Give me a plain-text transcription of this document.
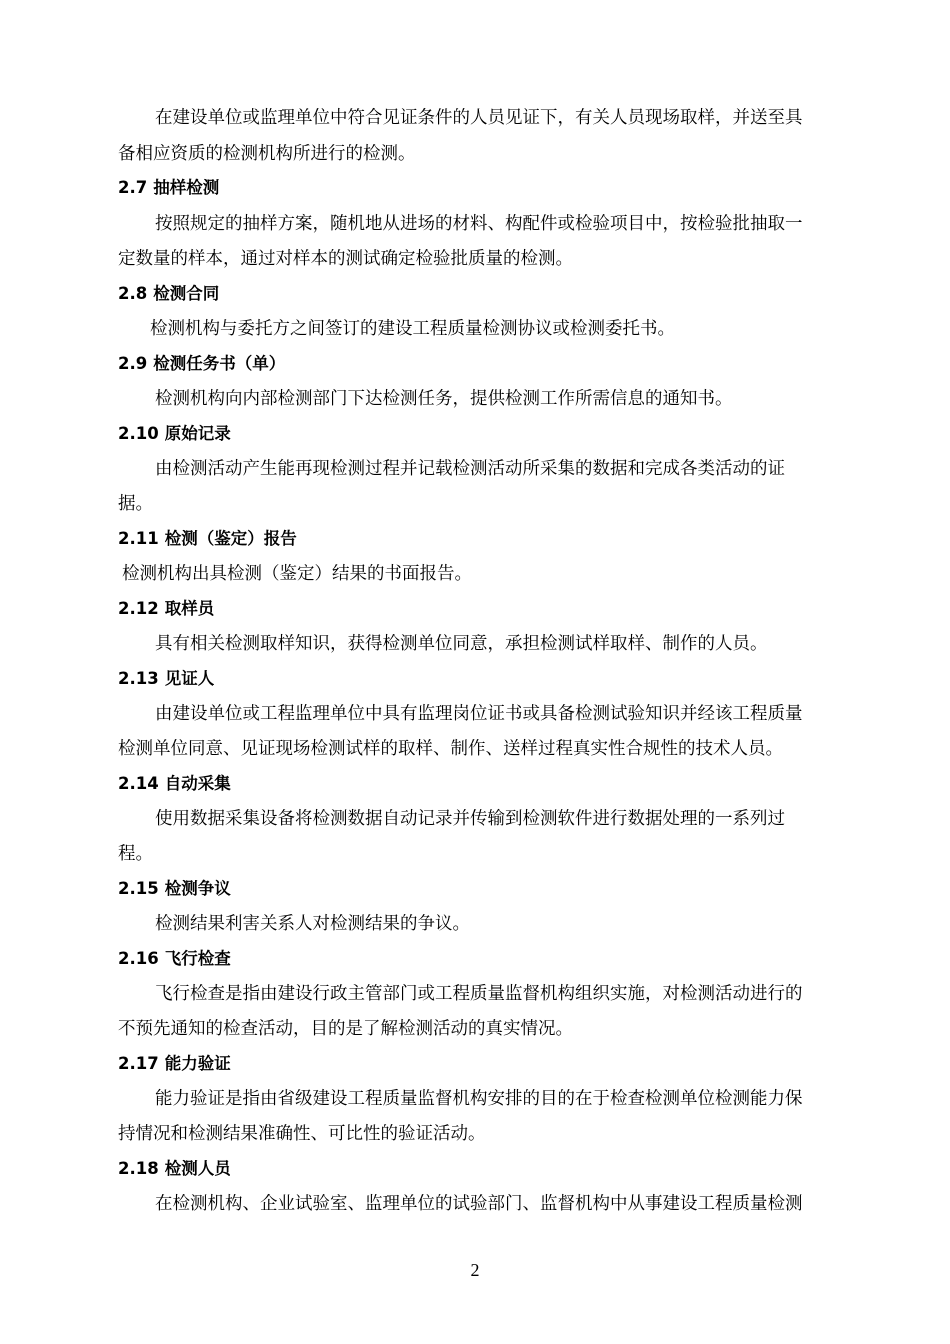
在建设单位或监理单位中符合见证条件的人员见证下，有关人员现场取样，并送至具
备相应资质的检测机构所进行的检测。
2.7 抽样检测
按照规定的抽样方案，随机地从进场的材料、构配件或检验项目中，按检验批抽取一
定数量的样本，通过对样本的测试确定检验批质量的检测。
2.8 检测合同
检测机构与委托方之间签订的建设工程质量检测协议或检测委托书。
2.9 检测任务书（单）
检测机构向内部检测部门下达检测任务，提供检测工作所需信息的通知书。
2.10 原始记录
由检测活动产生能再现检测过程并记载检测活动所采集的数据和完成各类活动的证
据。
2.11 检测（鉴定）报告
检测机构出具检测（鉴定）结果的书面报告。
2.12 取样员
具有相关检测取样知识，获得检测单位同意，承担检测试样取样、制作的人员。
2.13 见证人
由建设单位或工程监理单位中具有监理岗位证书或具备检测试验知识并经该工程质量
检测单位同意、见证现场检测试样的取样、制作、送样过程真实性合规性的技术人员。
2.14 自动采集
使用数据采集设备将检测数据自动记录并传输到检测软件进行数据处理的一系列过
程。
2.15 检测争议
检测结果利害关系人对检测结果的争议。
2.16 飞行检查
飞行检查是指由建设行政主管部门或工程质量监督机构组织实施，对检测活动进行的
不预先通知的检查活动，目的是了解检测活动的真实情况。
2.17 能力验证
能力验证是指由省级建设工程质量监督机构安排的目的在于检查检测单位检测能力保
持情况和检测结果准确性、可比性的验证活动。
2.18 检测人员
在检测机构、企业试验室、监理单位的试验部门、监督机构中从事建设工程质量检测
2
